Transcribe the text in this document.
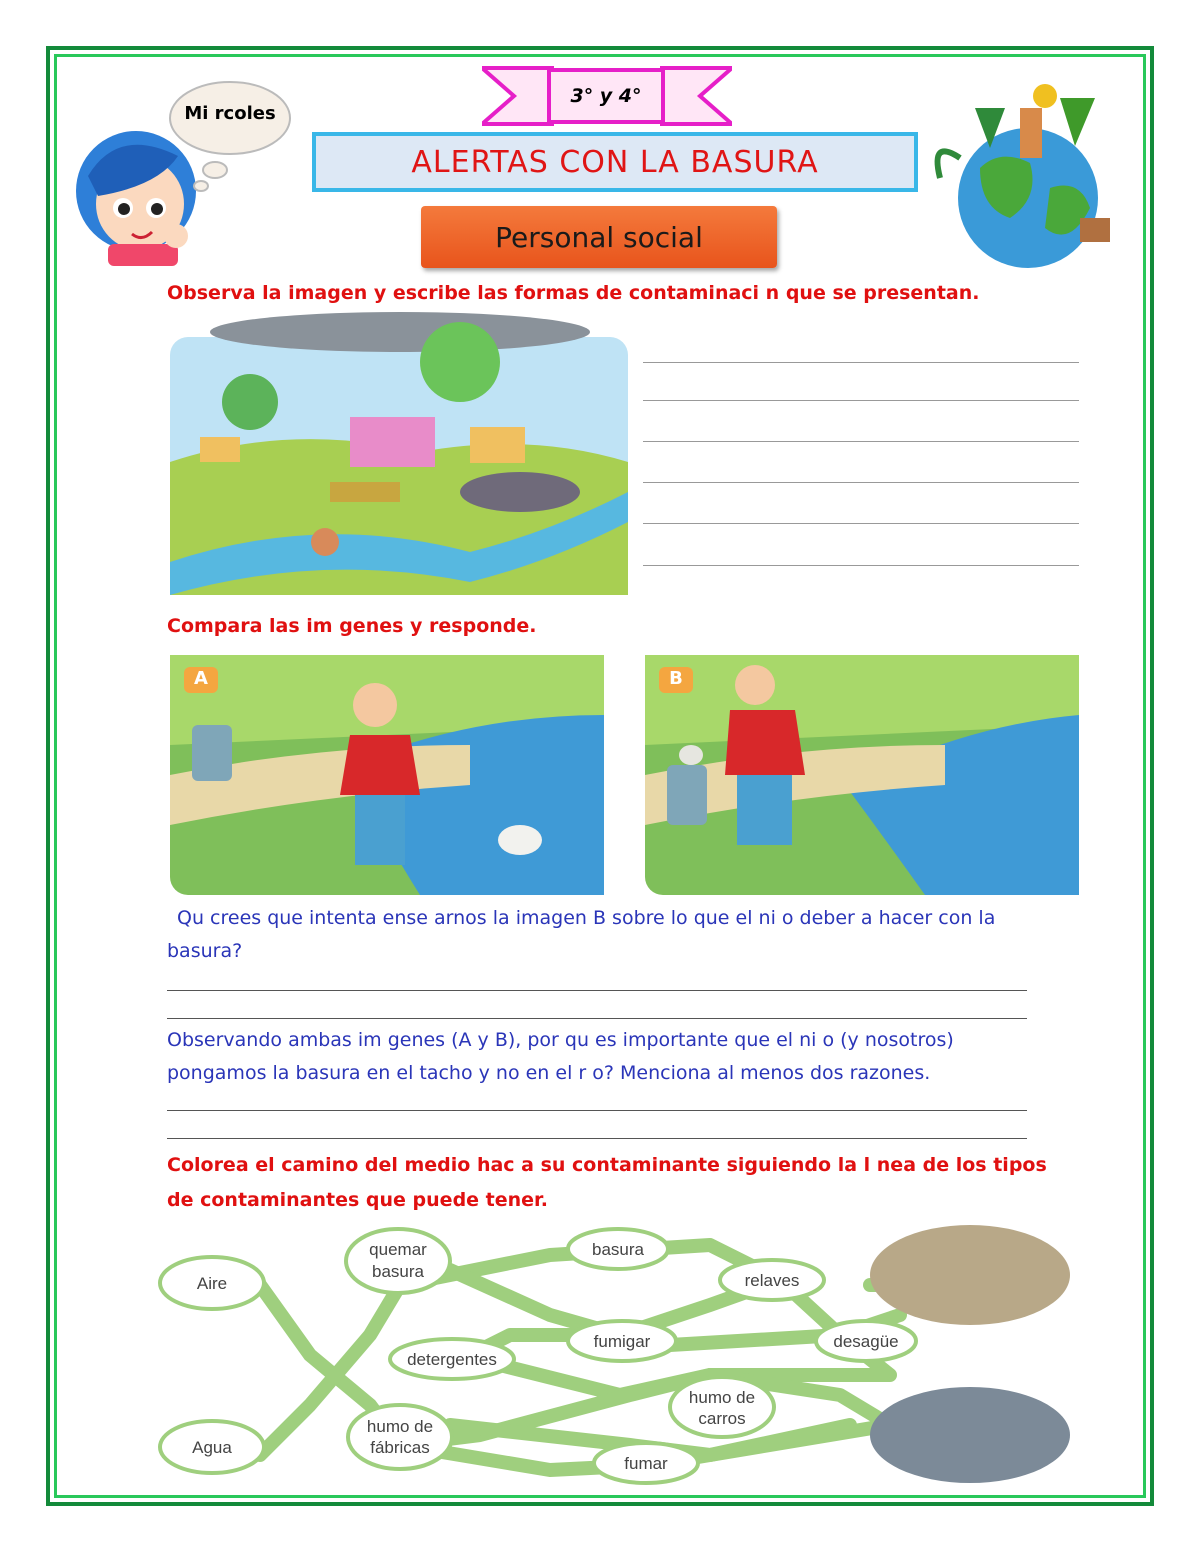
Mi rcoles
3° y 4°
ALERTAS CON LA BASURA
Personal social
Observa la imagen y escribe las formas de contaminaci n que se presentan.
Compara las im genes y responde.
A	B
Qu crees que intenta ense arnos la imagen B sobre lo que el ni o deber a hacer con la basura?
Observando ambas im genes (A y B), por qu es importante que el ni o (y nosotros) pongamos la basura en el tacho y no en el r o? Menciona al menos dos razones.
Colorea el camino del medio hac a su contaminante siguiendo la l nea de los tipos de contaminantes que puede tener.
Aire
Agua
quemar
basura
basura
relaves
fumigar	desagüe
detergentes
humo de
carros
humo de
fábricas
fumar
